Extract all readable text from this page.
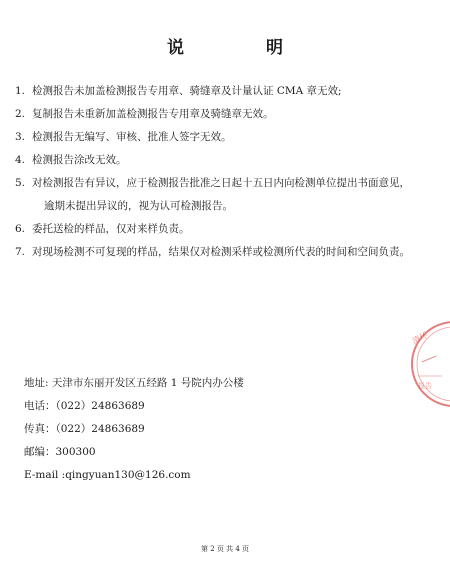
说 明
1. 检测报告未加盖检测报告专用章、骑缝章及计量认证 CMA 章无效;
2. 复制报告未重新加盖检测报告专用章及骑缝章无效。
3. 检测报告无编写、审核、批准人签字无效。
4. 检测报告涂改无效。
5. 对检测报告有异议，应于检测报告批准之日起十五日内向检测单位提出书面意见，
逾期未提出异议的，视为认可检测报告。
6. 委托送检的样品，仅对来样负责。
7. 对现场检测不可复现的样品，结果仅对检测采样或检测所代表的时间和空间负责。
地址: 天津市东丽开发区五经路 1 号院内办公楼
电话：（022）24863689
传真：（022）24863689
邮编：300300
E-mail :qingyuan130@126.com
清环
报告
第 2 页 共 4 页
